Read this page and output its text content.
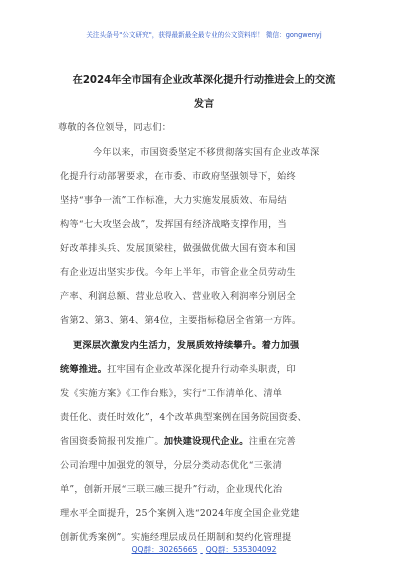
关注头条号"公文研究"，获得最新最全最专业的公文资料库！ 微信：gongwenyj
在2024年全市国有企业改革深化提升行动推进会上的交流
发言
尊敬的各位领导，同志们：
今年以来，市国资委坚定不移贯彻落实国有企业改革深
化提升行动部署要求，在市委、市政府坚强领导下，始终
坚持“事争一流”工作标准，大力实施发展质效、布局结
构等“七大攻坚会战”，发挥国有经济战略支撑作用，当
好改革排头兵、发展顶梁柱，做强做优做大国有资本和国
有企业迈出坚实步伐。今年上半年，市管企业全员劳动生
产率、利润总额、营业总收入、营业收入利润率分别居全
省第2、第3、第4、第4位，主要指标稳居全省第一方阵。
更深层次激发内生活力，发展质效持续攀升。着力加强
统筹推进。扛牢国有企业改革深化提升行动牵头职责，印
发《实施方案》《工作台账》，实行“工作清单化、清单
责任化、责任时效化”，4个改革典型案例在国务院国资委、
省国资委简报刊发推广。加快建设现代企业。注重在完善
公司治理中加强党的领导，分层分类动态优化“三张清
单”，创新开展“三联三融三提升”行动，企业现代化治
理水平全面提升，25个案例入选“2024年度全国企业党建
创新优秀案例”。实施经理层成员任期制和契约化管理提
QQ群：30265665 QQ群：535304092
